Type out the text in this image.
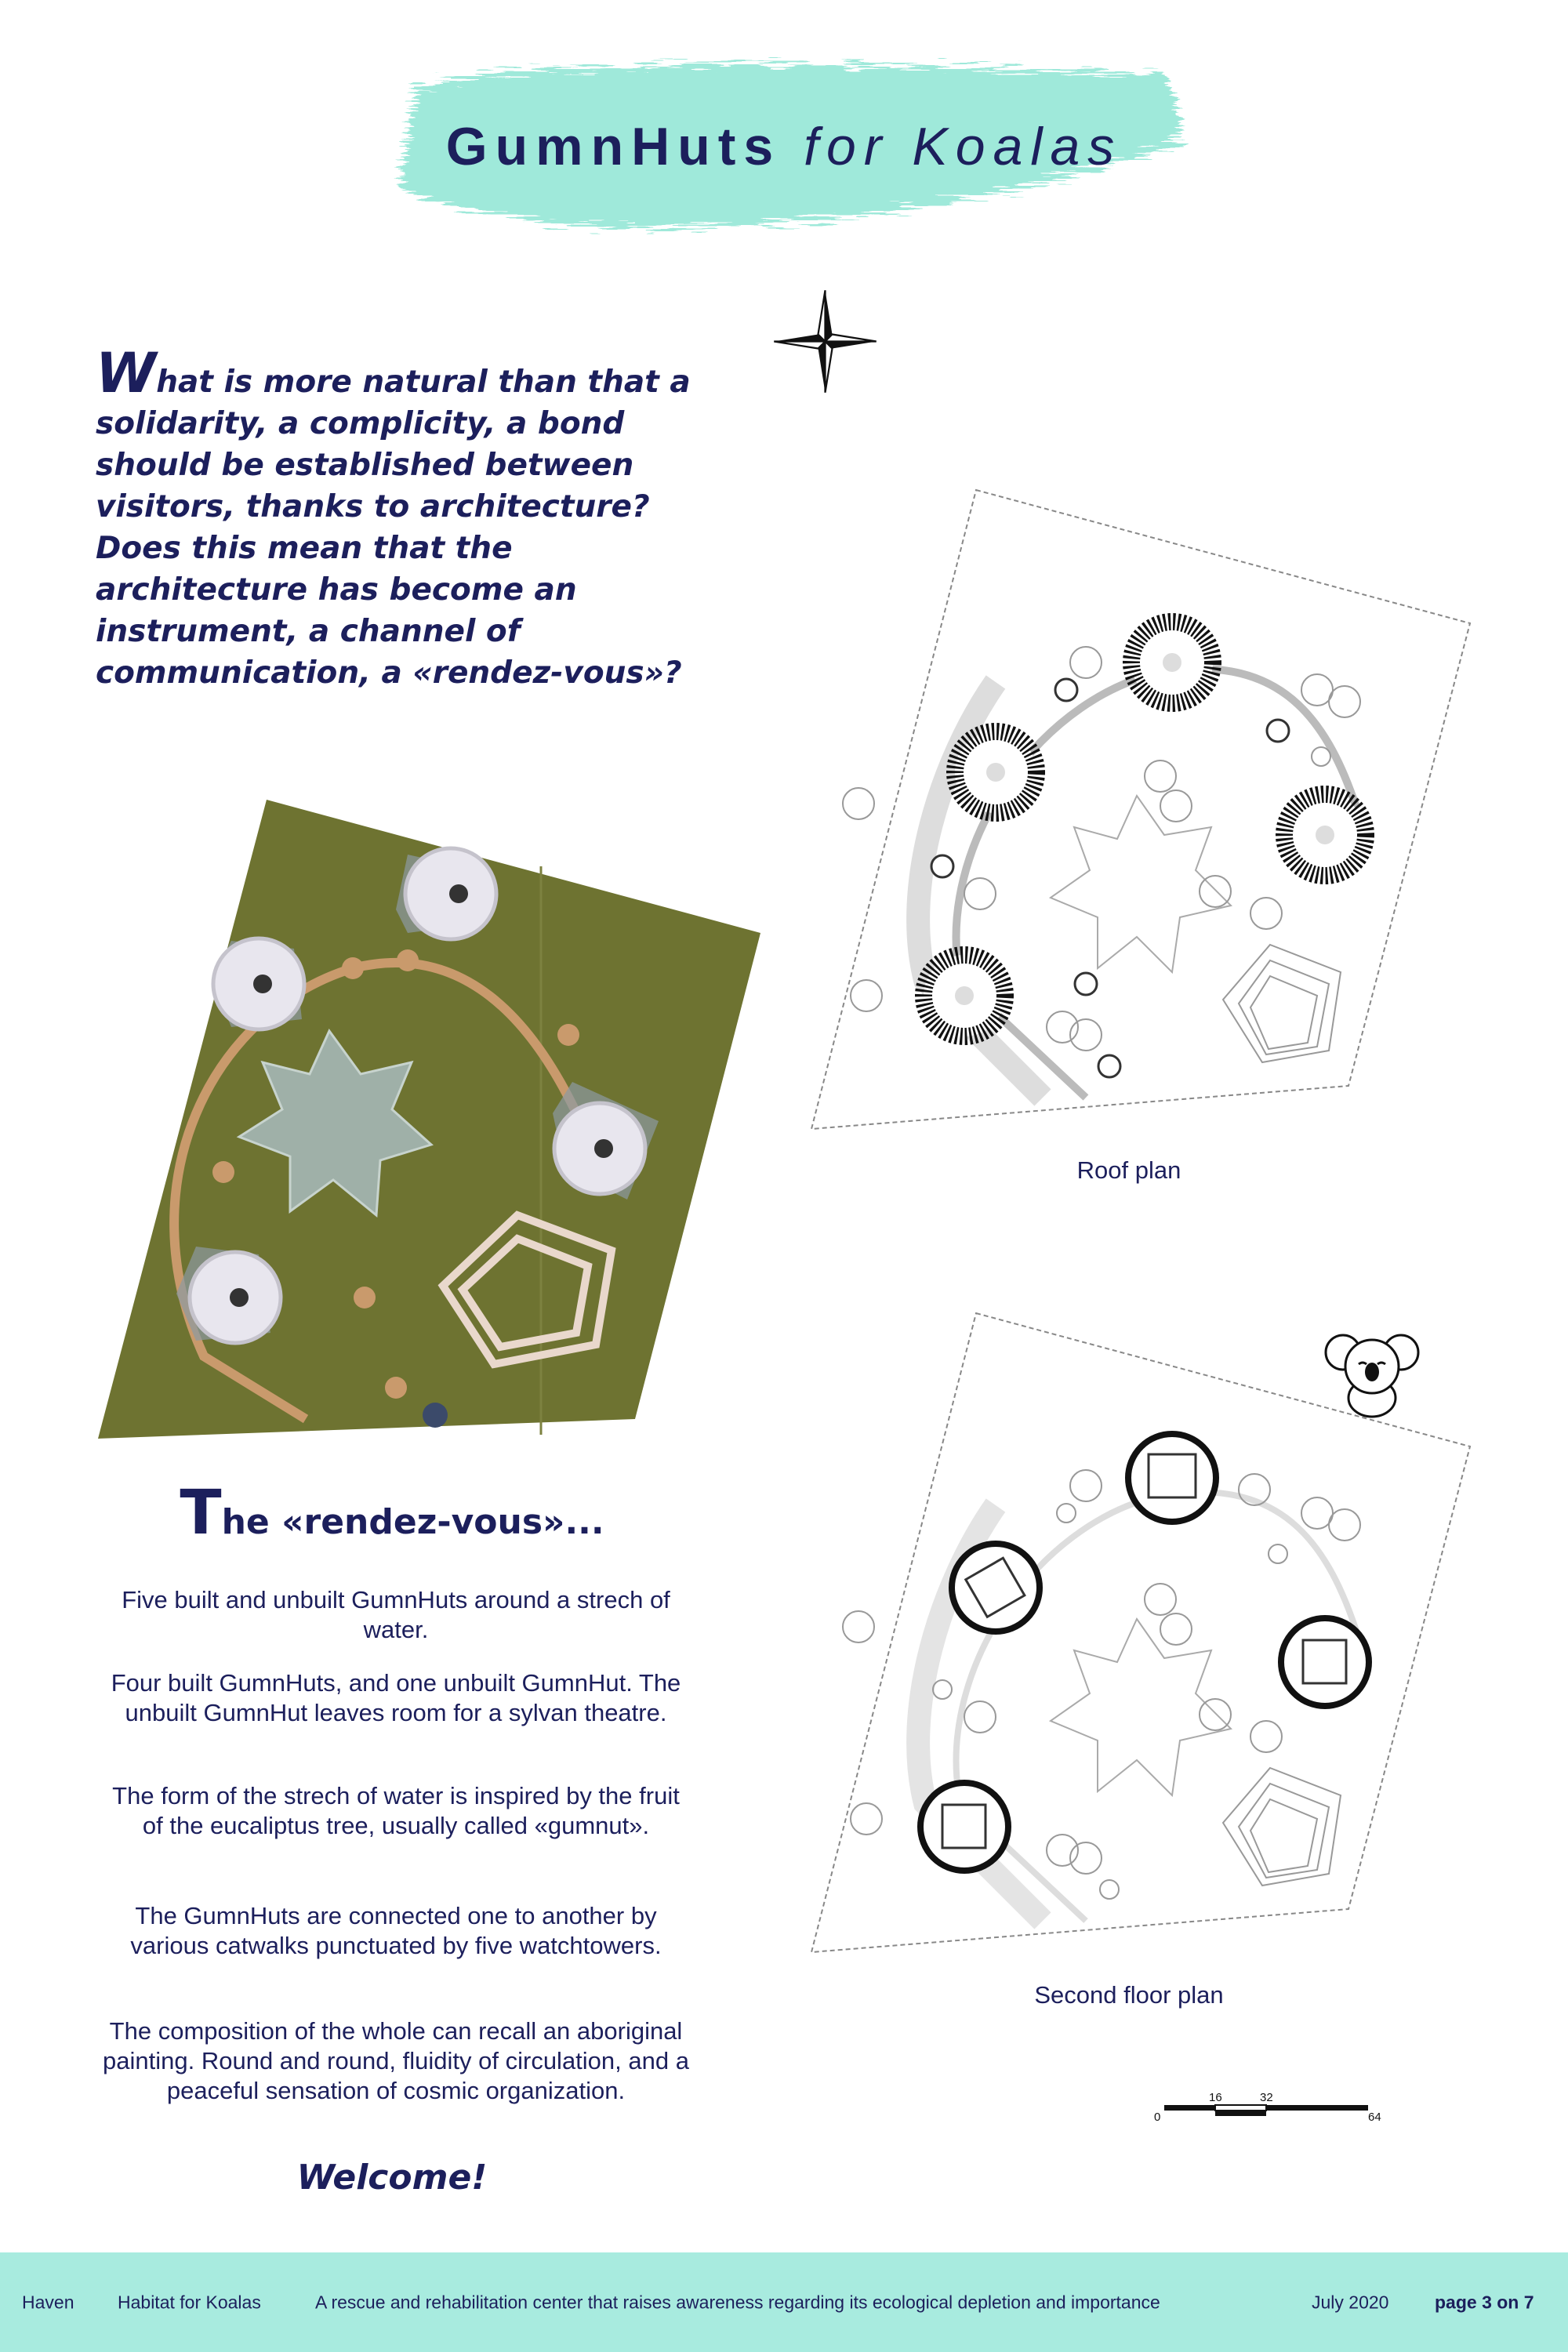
GumnHuts for Koalas
What is more natural than that a solidarity, a complicity, a bond should be established between visitors, thanks to architecture? Does this mean that the architecture has become an instrument, a channel of communication, a «rendez-vous»?
The «rendez-vous»...
Five built and unbuilt GumnHuts around a strech of water.
Four built GumnHuts, and one unbuilt GumnHut. The unbuilt GumnHut leaves room for a sylvan theatre.
The form of the strech of water is inspired by the fruit of the eucaliptus tree, usually called «gumnut».
The GumnHuts are connected one to another by various catwalks punctuated by five watchtowers.
The composition of the whole can recall an aboriginal painting. Round and round, fluidity of circulation, and a peaceful sensation of cosmic organization.
Welcome!
Roof plan
Second floor plan
0
16	32
64
Haven Habitat for Koalas	A rescue and rehabilitation center that raises awareness regarding its ecological depletion and importance	July 2020	page 3 on 7
